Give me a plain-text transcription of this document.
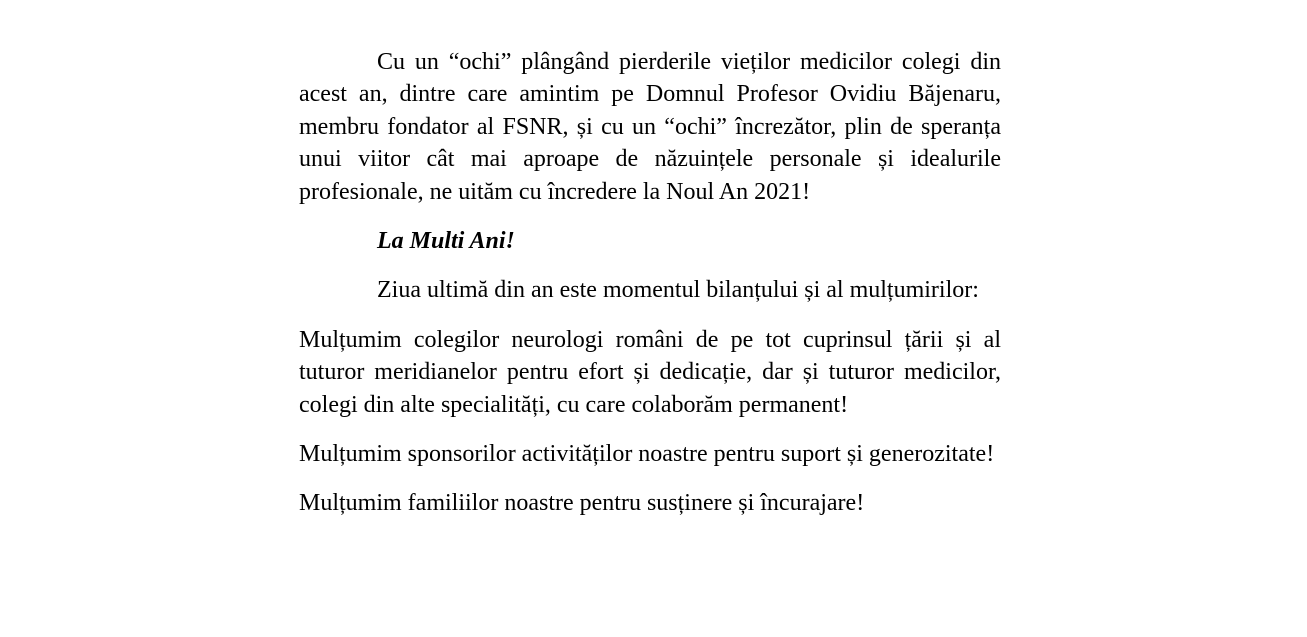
Cu un “ochi” plângând pierderile vieților medicilor colegi din acest an, dintre care amintim pe Domnul Profesor Ovidiu Băjenaru, membru fondator al FSNR, și cu un “ochi” încrezător, plin de speranța unui viitor cât mai aproape de năzuințele personale și idealurile profesionale, ne uităm cu încredere la Noul An 2021!

La Multi Ani!

Ziua ultimă din an este momentul bilanțului și al mulțumirilor:

Mulțumim colegilor neurologi români de pe tot cuprinsul țării și al tuturor meridianelor pentru efort și dedicație, dar și tuturor medicilor, colegi din alte specialități, cu care colaborăm permanent!

Mulțumim sponsorilor activităților noastre pentru suport și generozitate!

Mulțumim familiilor noastre pentru susținere și încurajare!
